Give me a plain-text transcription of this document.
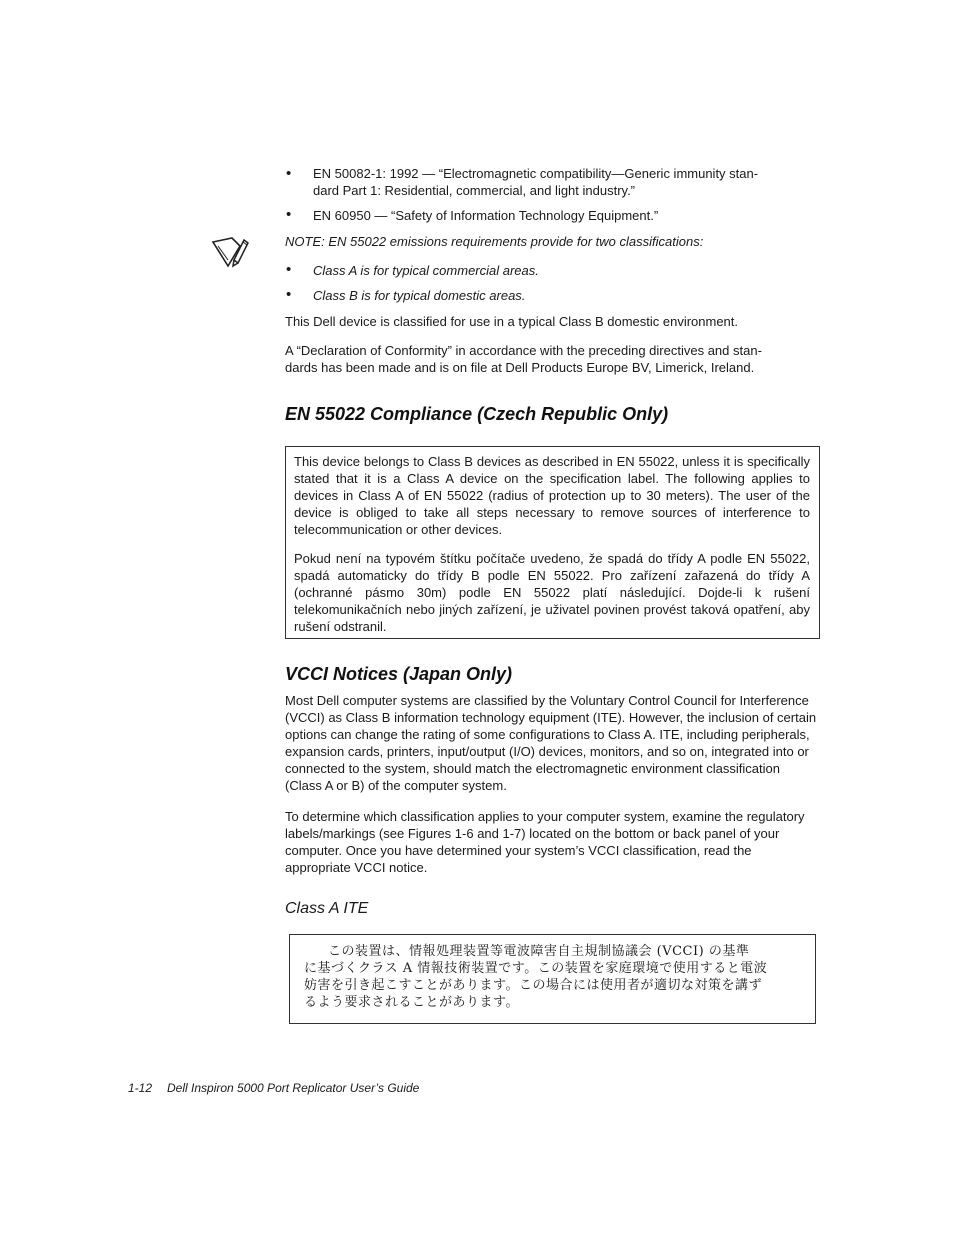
• EN 50082-1: 1992 — “Electromagnetic compatibility—Generic immunity stan-
dard Part 1: Residential, commercial, and light industry.”
• EN 60950 — “Safety of Information Technology Equipment.”
NOTE: EN 55022 emissions requirements provide for two classifications:
• Class A is for typical commercial areas.
• Class B is for typical domestic areas.
This Dell device is classified for use in a typical Class B domestic environment.
A “Declaration of Conformity” in accordance with the preceding directives and stan-
dards has been made and is on file at Dell Products Europe BV, Limerick, Ireland.
EN 55022 Compliance (Czech Republic Only)

This device belongs to Class B devices as described in EN 55022, unless it is specifically stated that it is a Class A device on the specification label. The following applies to devices in Class A of EN 55022 (radius of protection up to 30 meters). The user of the device is obliged to take all steps necessary to remove sources of interference to telecommunication or other devices.

Pokud není na typovém štítku počítače uvedeno, že spadá do třídy A podle EN 55022, spadá automaticky do třídy B podle EN 55022. Pro zařízení zařazená do třídy A (ochranné pásmo 30m) podle EN 55022 platí následující. Dojde-li k rušení telekomunikačních nebo jiných zařízení, je uživatel povinen provést taková opatření, aby rušení odstranil.

VCCI Notices (Japan Only)

Most Dell computer systems are classified by the Voluntary Control Council for Interference (VCCI) as Class B information technology equipment (ITE). However, the inclusion of certain options can change the rating of some configurations to Class A. ITE, including peripherals, expansion cards, printers, input/output (I/O) devices, monitors, and so on, integrated into or connected to the system, should match the electromagnetic environment classification (Class A or B) of the computer system.

To determine which classification applies to your computer system, examine the regulatory labels/markings (see Figures 1-6 and 1-7) located on the bottom or back panel of your computer. Once you have determined your system’s VCCI classification, read the appropriate VCCI notice.

Class A ITE

この装置は、情報処理装置等電波障害自主規制協議会 (VCCI) の基準

に基づくクラス A 情報技術装置です。この装置を家庭環境で使用すると電波

妨害を引き起こすことがあります。この場合には使用者が適切な対策を講ず

るよう要求されることがあります。

1-12 Dell Inspiron 5000 Port Replicator User’s Guide
